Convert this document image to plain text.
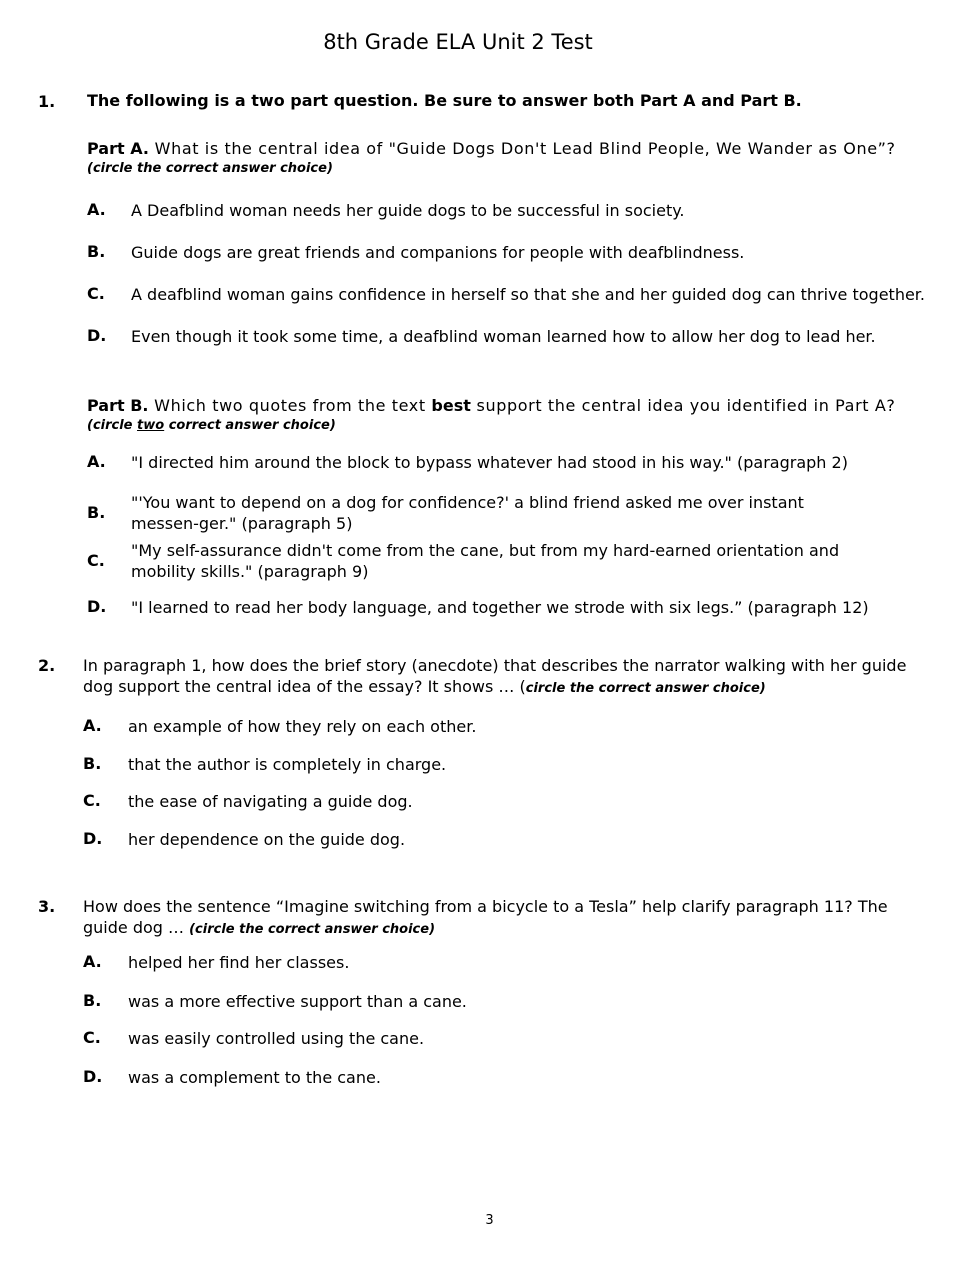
8th Grade ELA Unit 2 Test
1. The following is a two part question. Be sure to answer both Part A and Part B.
Part A. What is the central idea of "Guide Dogs Don't Lead Blind People, We Wander as One”?
(circle the correct answer choice)
A. A Deafblind woman needs her guide dogs to be successful in society.
B. Guide dogs are great friends and companions for people with deafblindness.
C. A deafblind woman gains confidence in herself so that she and her guided dog can thrive together.
D. Even though it took some time, a deafblind woman learned how to allow her dog to lead her.
Part B. Which two quotes from the text best support the central idea you identified in Part A?
(circle two correct answer choice)
A. "I directed him around the block to bypass whatever had stood in his way." (paragraph 2)
B.
"'You want to depend on a dog for confidence?' a blind friend asked me over instant messen-ger." (paragraph 5)
C.
"My self-assurance didn't come from the cane, but from my hard-earned orientation and mobility skills." (paragraph 9)
D. "I learned to read her body language, and together we strode with six legs.” (paragraph 12)
2. In paragraph 1, how does the brief story (anecdote) that describes the narrator walking with her guide dog support the central idea of the essay? It shows … (circle the correct answer choice)
A. an example of how they rely on each other.
B. that the author is completely in charge.
C. the ease of navigating a guide dog.
D. her dependence on the guide dog.
3. How does the sentence “Imagine switching from a bicycle to a Tesla” help clarify paragraph 11? The guide dog … (circle the correct answer choice)
A. helped her find her classes.
B. was a more effective support than a cane.
C. was easily controlled using the cane.
D. was a complement to the cane.
3
